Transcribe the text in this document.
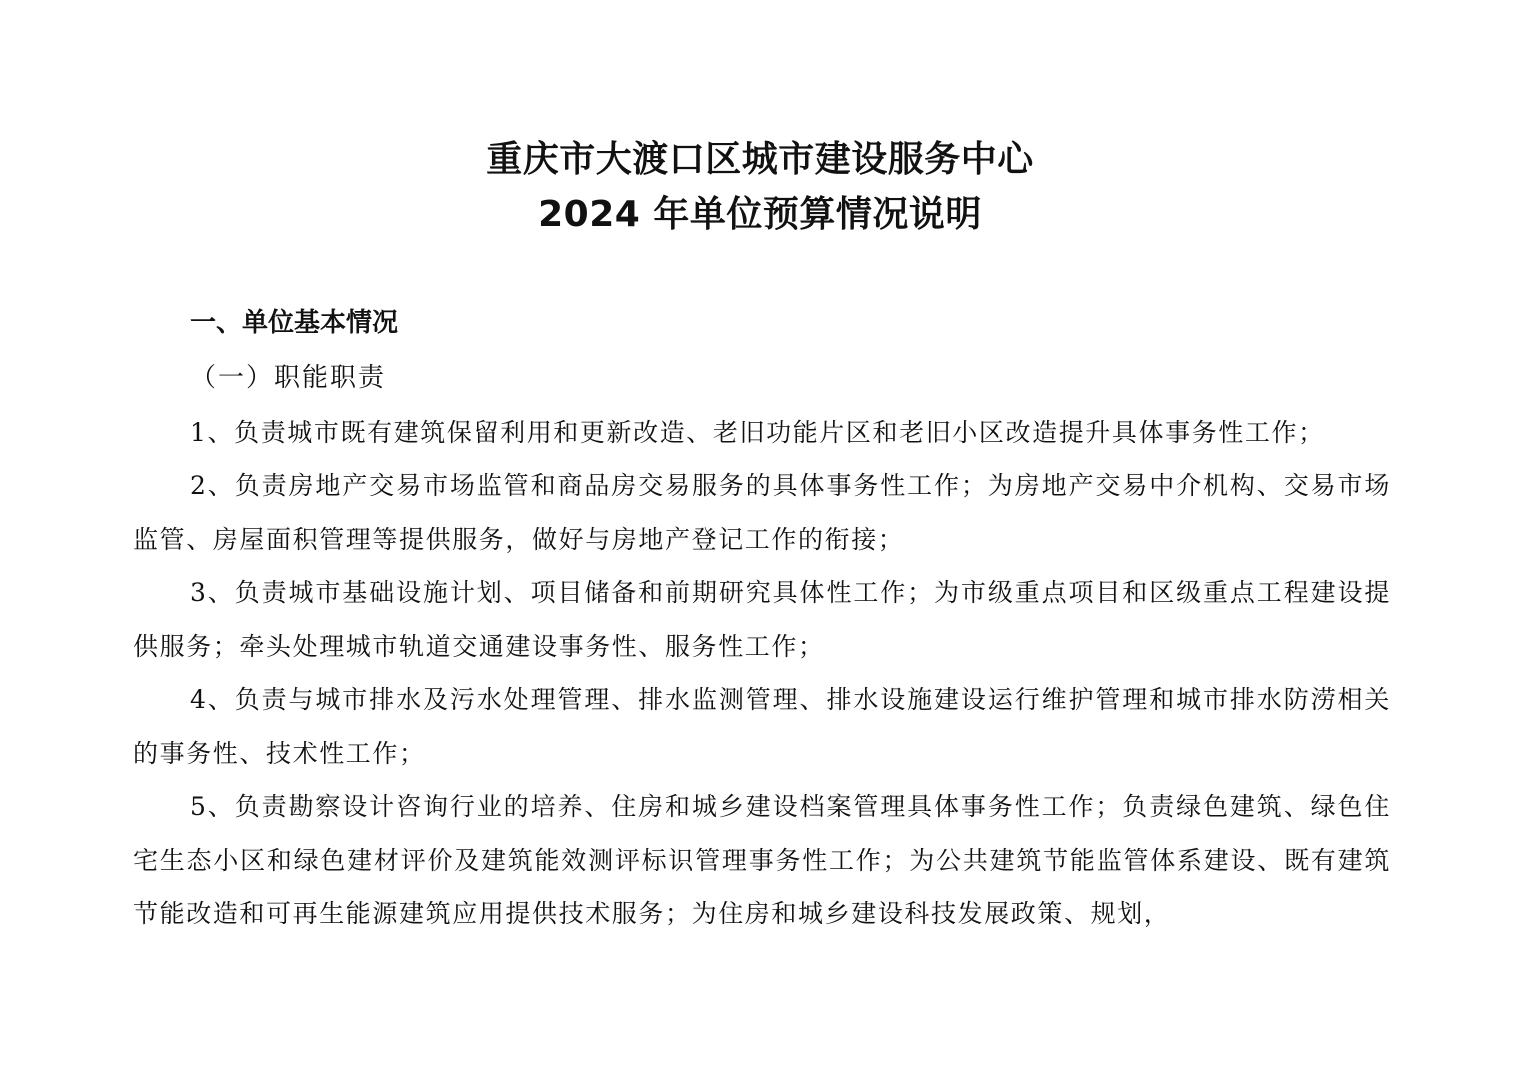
重庆市大渡口区城市建设服务中心
2024 年单位预算情况说明
一、单位基本情况
（一）职能职责
1、负责城市既有建筑保留利用和更新改造、老旧功能片区和老旧小区改造提升具体事务性工作；
2、负责房地产交易市场监管和商品房交易服务的具体事务性工作；为房地产交易中介机构、交易市场监管、房屋面积管理等提供服务，做好与房地产登记工作的衔接；
3、负责城市基础设施计划、项目储备和前期研究具体性工作；为市级重点项目和区级重点工程建设提供服务；牵头处理城市轨道交通建设事务性、服务性工作；
4、负责与城市排水及污水处理管理、排水监测管理、排水设施建设运行维护管理和城市排水防涝相关的事务性、技术性工作；
5、负责勘察设计咨询行业的培养、住房和城乡建设档案管理具体事务性工作；负责绿色建筑、绿色住宅生态小区和绿色建材评价及建筑能效测评标识管理事务性工作；为公共建筑节能监管体系建设、既有建筑节能改造和可再生能源建筑应用提供技术服务；为住房和城乡建设科技发展政策、规划，
